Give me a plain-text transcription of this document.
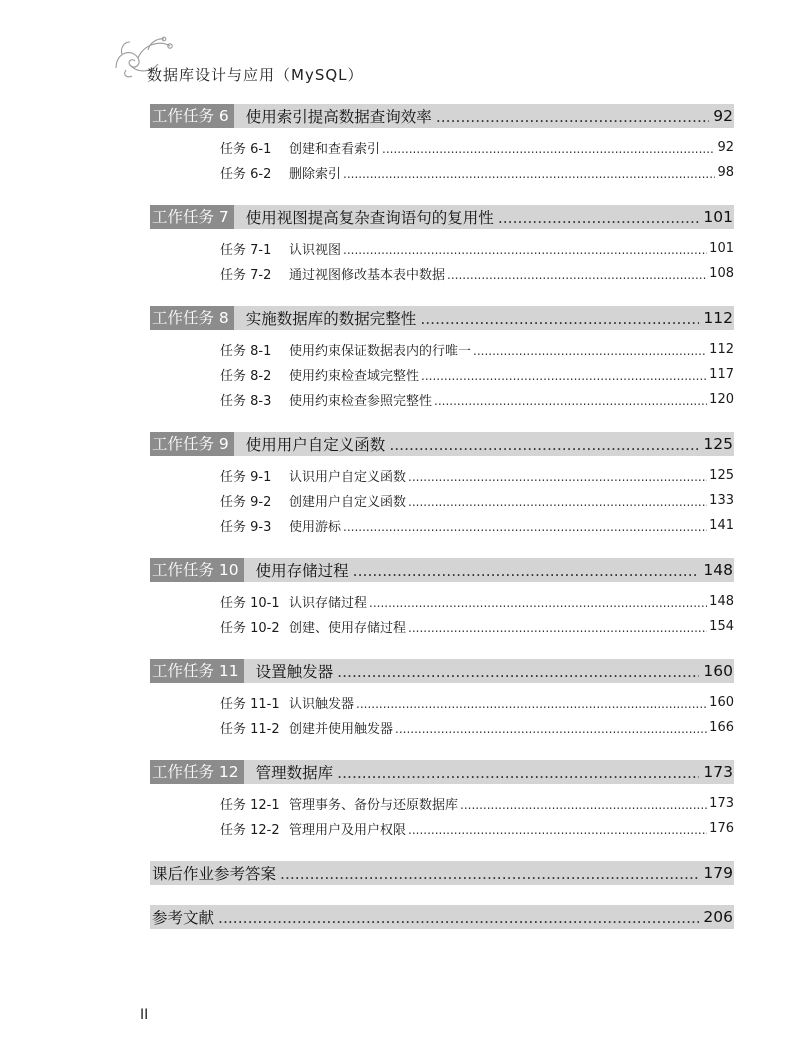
数据库设计与应用（MySQL）
工作任务 6	使用索引提高数据查询效率 .....	92
任务 6-1	创建和查看索引 .....	92
任务 6-2	删除索引 .....	98
工作任务 7	使用视图提高复杂查询语句的复用性 .....	101
任务 7-1	认识视图 .....	101
任务 7-2	通过视图修改基本表中数据 .....	108
工作任务 8	实施数据库的数据完整性 .....	112
任务 8-1	使用约束保证数据表内的行唯一 .....	112
任务 8-2	使用约束检查域完整性 .....	117
任务 8-3	使用约束检查参照完整性 .....	120
工作任务 9	使用用户自定义函数 .....	125
任务 9-1	认识用户自定义函数 .....	125
任务 9-2	创建用户自定义函数 .....	133
任务 9-3	使用游标 .....	141
工作任务 10	使用存储过程 .....	148
任务 10-1 认识存储过程 .....	148
任务 10-2 创建、使用存储过程 .....	154
工作任务 11	设置触发器 .....	160
任务 11-1 认识触发器 .....	160
任务 11-2 创建并使用触发器 .....	166
工作任务 12	管理数据库 .....	173
任务 12-1 管理事务、备份与还原数据库 .....	173
任务 12-2 管理用户及用户权限 .....	176
课后作业参考答案 .....	179
参考文献 .....	206
II
